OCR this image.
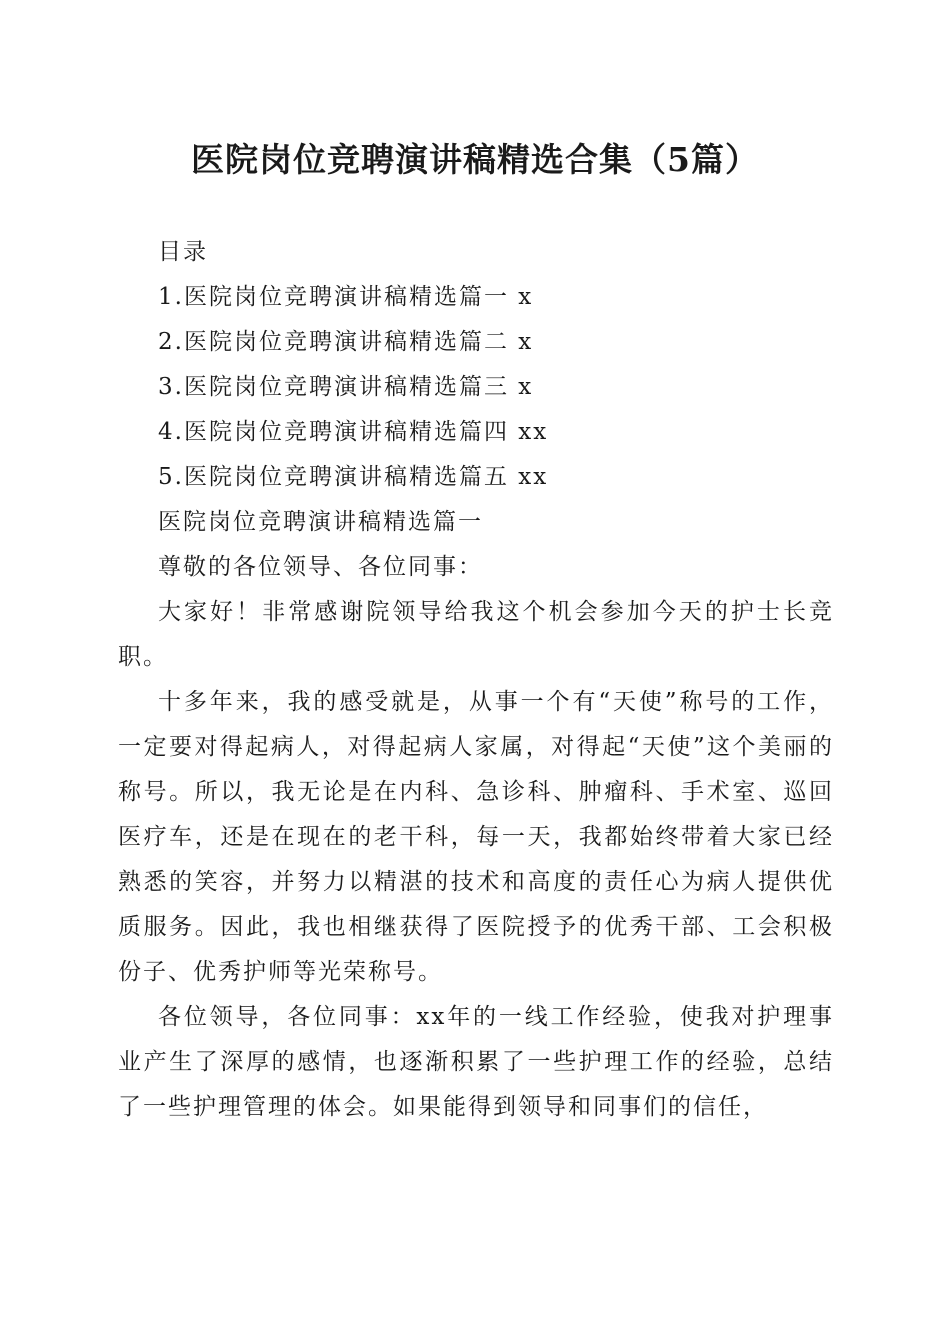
医院岗位竞聘演讲稿精选合集（5篇）

目录

1.医院岗位竞聘演讲稿精选篇一 x

2.医院岗位竞聘演讲稿精选篇二 x

3.医院岗位竞聘演讲稿精选篇三 x

4.医院岗位竞聘演讲稿精选篇四 xx

5.医院岗位竞聘演讲稿精选篇五 xx

医院岗位竞聘演讲稿精选篇一

尊敬的各位领导、各位同事：

大家好！非常感谢院领导给我这个机会参加今天的护士长竞职。

十多年来，我的感受就是，从事一个有“天使”称号的工作，一定要对得起病人，对得起病人家属，对得起“天使”这个美丽的称号。所以，我无论是在内科、急诊科、肿瘤科、手术室、巡回医疗车，还是在现在的老干科，每一天，我都始终带着大家已经熟悉的笑容，并努力以精湛的技术和高度的责任心为病人提供优质服务。因此，我也相继获得了医院授予的优秀干部、工会积极份子、优秀护师等光荣称号。

各位领导，各位同事：xx年的一线工作经验，使我对护理事业产生了深厚的感情，也逐渐积累了一些护理工作的经验，总结了一些护理管理的体会。如果能得到领导和同事们的信任，
